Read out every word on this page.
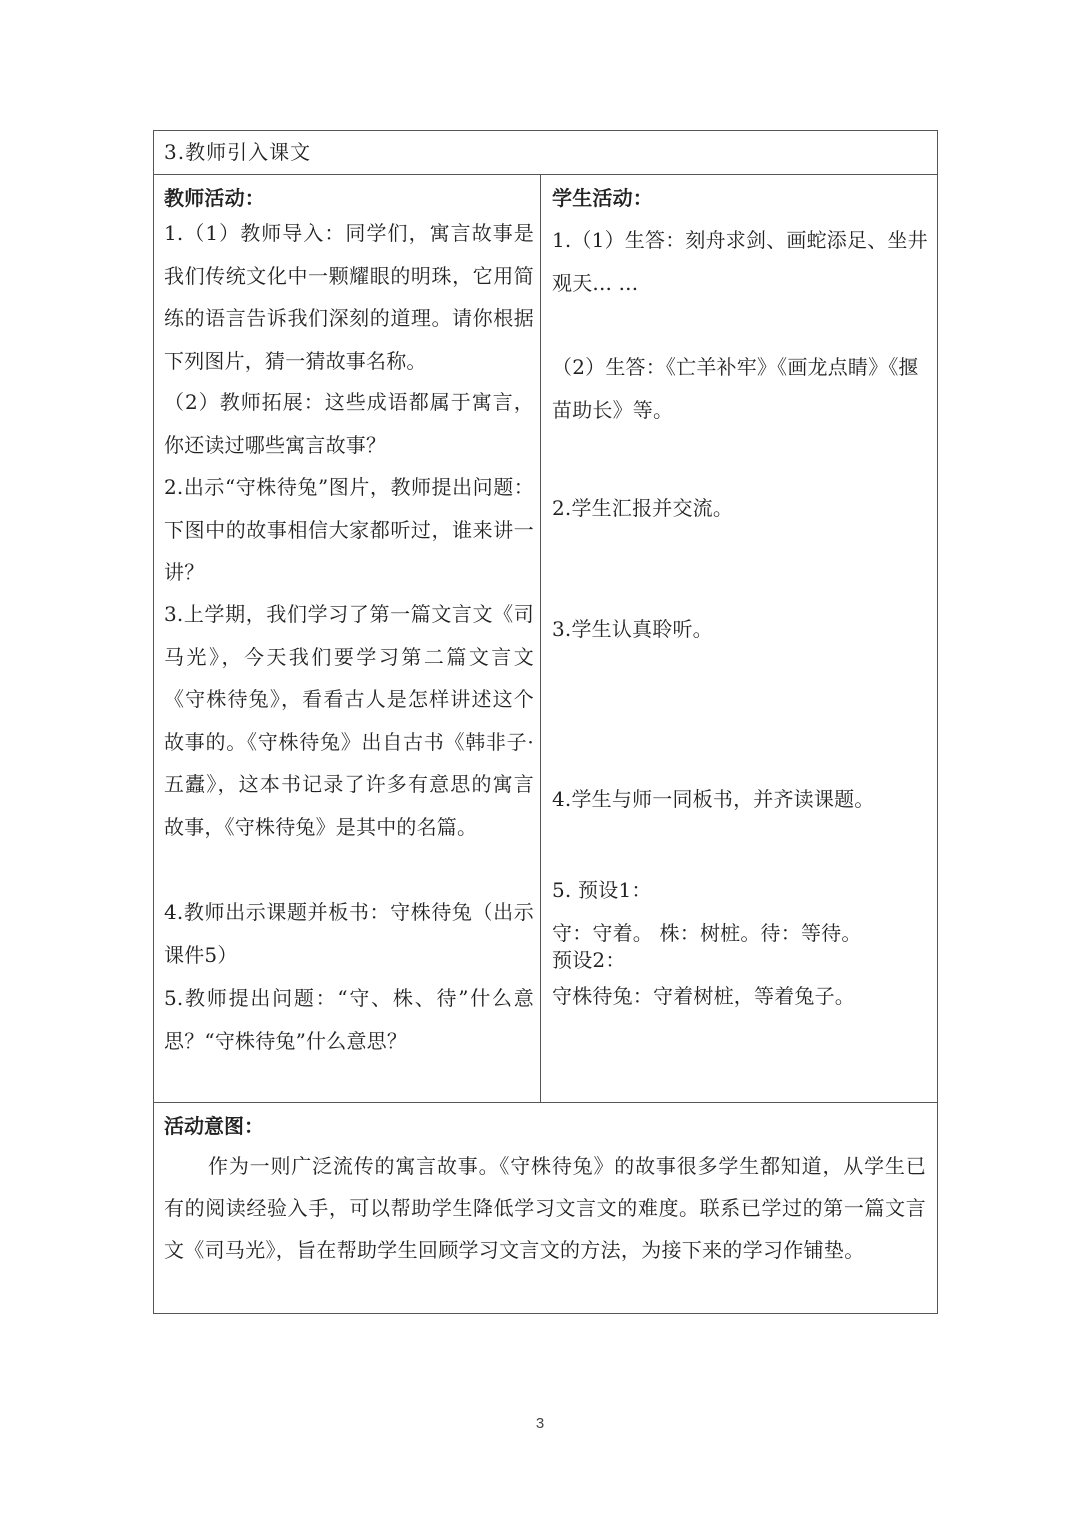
3.教师引入课文
教师活动：
1.（1）教师导入：同学们，寓言故事是我们传统文化中一颗耀眼的明珠，它用简练的语言告诉我们深刻的道理。请你根据下列图片，猜一猜故事名称。
（2）教师拓展：这些成语都属于寓言，你还读过哪些寓言故事？
2.出示“守株待兔”图片，教师提出问题：下图中的故事相信大家都听过，谁来讲一讲？
3.上学期，我们学习了第一篇文言文《司马光》，今天我们要学习第二篇文言文《守株待兔》，看看古人是怎样讲述这个故事的。《守株待兔》出自古书《韩非子·五蠹》，这本书记录了许多有意思的寓言故事，《守株待兔》是其中的名篇。
4.教师出示课题并板书：守株待兔（出示课件5）
5.教师提出问题：“守、株、待”什么意思？“守株待兔”什么意思？
学生活动：
1.（1）生答：刻舟求剑、画蛇添足、坐井观天... ...
（2）生答：《亡羊补牢》《画龙点睛》《揠苗助长》等。
2.学生汇报并交流。
3.学生认真聆听。
4.学生与师一同板书，并齐读课题。
5. 预设1：
守：守着。 株：树桩。待：等待。
预设2：
守株待兔：守着树桩，等着兔子。
活动意图：
作为一则广泛流传的寓言故事。《守株待兔》的故事很多学生都知道，从学生已有的阅读经验入手，可以帮助学生降低学习文言文的难度。联系已学过的第一篇文言文《司马光》，旨在帮助学生回顾学习文言文的方法，为接下来的学习作铺垫。
3
